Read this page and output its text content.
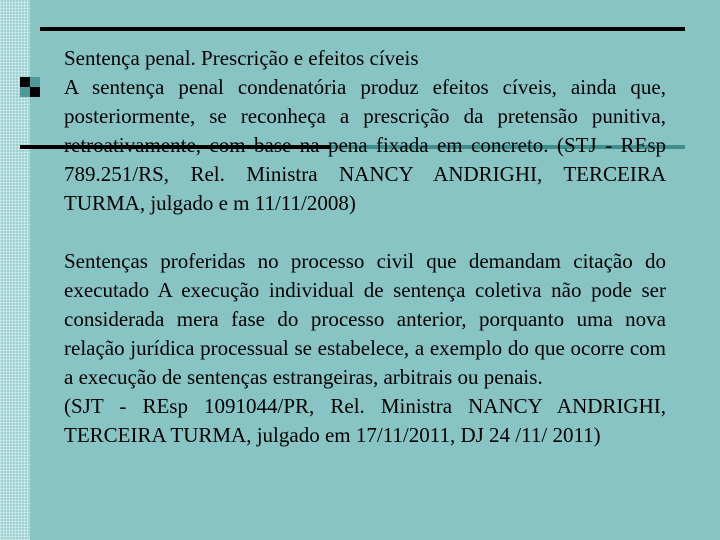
Sentença penal. Prescrição e efeitos cíveis

A sentença penal condenatória produz efeitos cíveis, ainda que, posteriormente, se reconheça a prescrição da pretensão punitiva, retroativamente, com base na pena fixada em concreto. (STJ - REsp 789.251/RS, Rel. Ministra NANCY ANDRIGHI, TERCEIRA TURMA, julgado e m 11/11/2008)

Sentenças proferidas no processo civil que demandam citação do executado A execução individual de sentença coletiva não pode ser considerada mera fase do processo anterior, porquanto uma nova relação jurídica processual se estabelece, a exemplo do que ocorre com a execução de sentenças estrangeiras, arbitrais ou penais.

(SJT - REsp 1091044/PR, Rel. Ministra NANCY ANDRIGHI, TERCEIRA TURMA, julgado em 17/11/2011, DJ 24 /11/ 2011)
